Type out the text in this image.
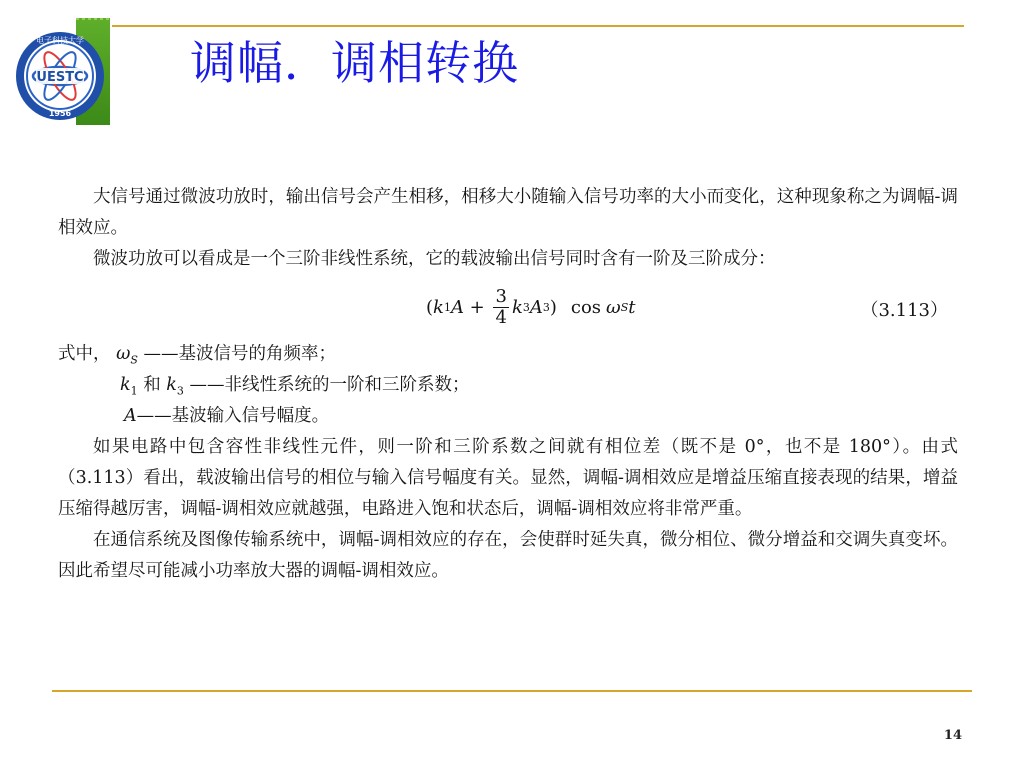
UESTC
1956
电子科技大学 调幅．调相转换

大信号通过微波功放时，输出信号会产生相移，相移大小随输入信号功率的大小而变化，这种现象称之为调幅-调相效应。

微波功放可以看成是一个三阶非线性系统，它的载波输出信号同时含有一阶及三阶成分：

( k 1 $A + \frac{3}{4}$ k 3 A 3 ) cos ω S t	（3.113）

式中， $\omega_S$ ——基波信号的角频率；

$k_1$ 和 $k_3$ ——非线性系统的一阶和三阶系数；

A——基波输入信号幅度。

如果电路中包含容性非线性元件，则一阶和三阶系数之间就有相位差（既不是 0°，也不是 180°）。由式（3.113）看出，载波输出信号的相位与输入信号幅度有关。显然，调幅-调相效应是增益压缩直接表现的结果，增益压缩得越厉害，调幅-调相效应就越强，电路进入饱和状态后，调幅-调相效应将非常严重。

在通信系统及图像传输系统中，调幅-调相效应的存在，会使群时延失真，微分相位、微分增益和交调失真变坏。因此希望尽可能减小功率放大器的调幅-调相效应。

14
